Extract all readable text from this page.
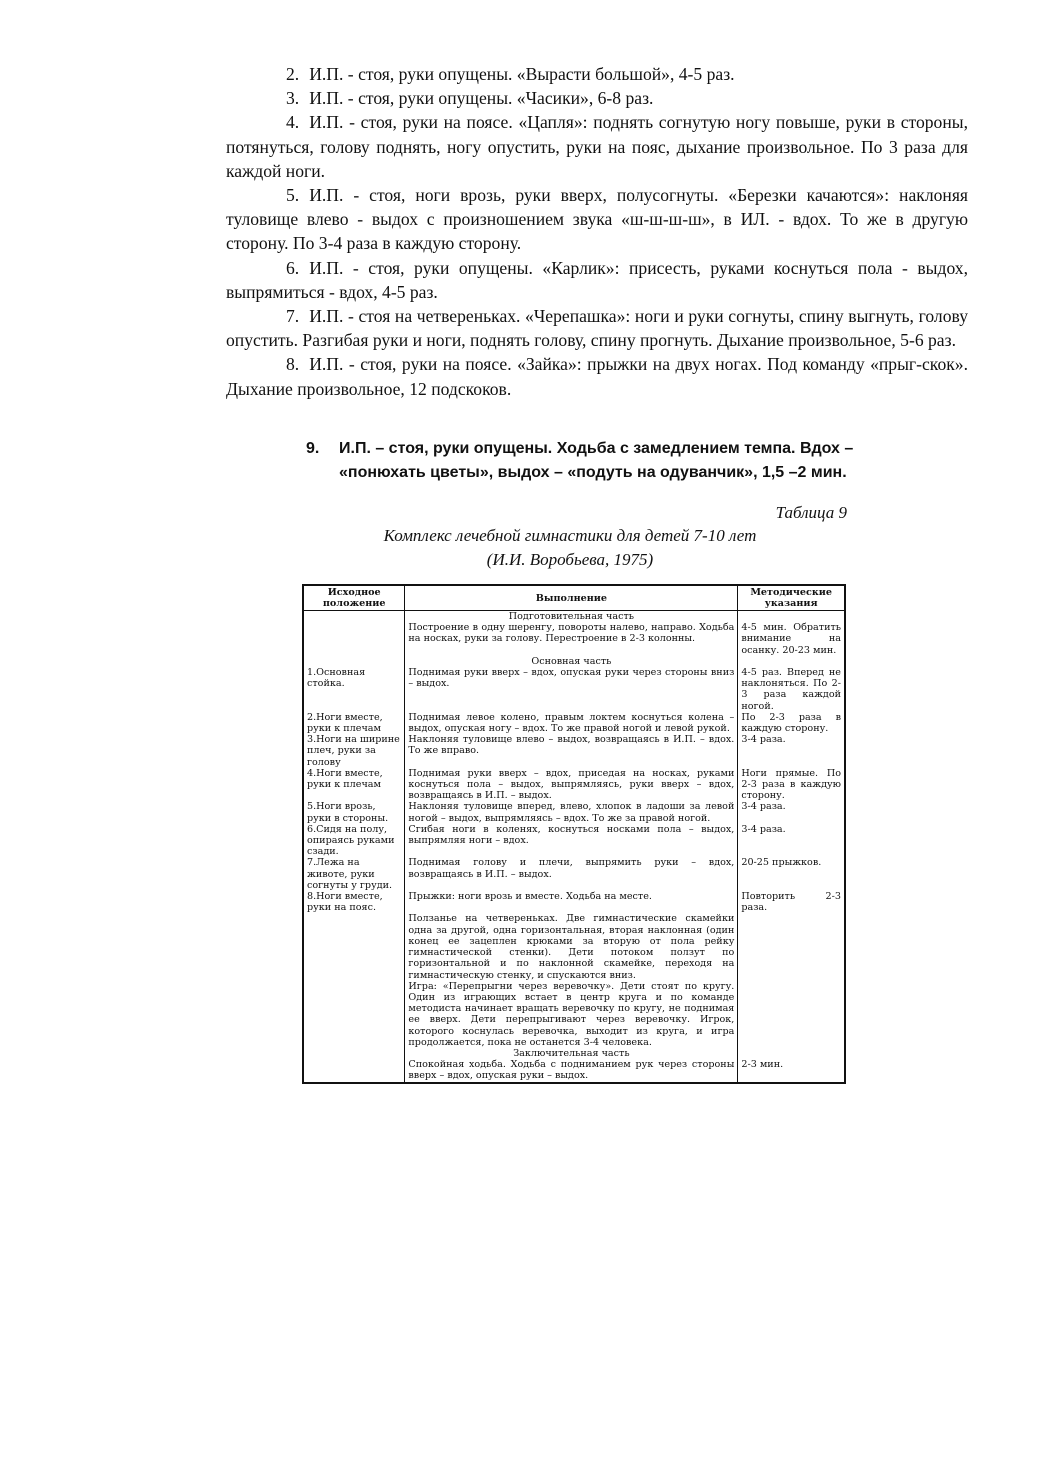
2. И.П. - стоя, руки опущены. «Вырасти большой», 4-5 раз.

3. И.П. - стоя, руки опущены. «Часики», 6-8 раз.

4. И.П. - стоя, руки на поясе. «Цапля»: поднять согнутую ногу повыше, руки в стороны, потянуться, голову поднять, ногу опустить, руки на пояс, дыхание произвольное. По 3 раза для каждой ноги.

5. И.П. - стоя, ноги врозь, руки вверх, полусогнуты. «Березки качаются»: наклоняя туловище влево - выдох с произношением звука «ш-ш-ш-ш», в ИЛ. - вдох. То же в другую сторону. По 3-4 раза в каждую сторону.

6. И.П. - стоя, руки опущены. «Карлик»: присесть, руками коснуться пола - выдох, выпрямиться - вдох, 4-5 раз.

7. И.П. - стоя на четвереньках. «Черепашка»: ноги и руки согнуты, спину выгнуть, голову опустить. Разгибая руки и ноги, поднять голову, спину прогнуть. Дыхание произвольное, 5-6 раз.

8. И.П. - стоя, руки на поясе. «Зайка»: прыжки на двух ногах. Под команду «прыг-скок». Дыхание произвольное, 12 подскоков.

9. И.П. – стоя, руки опущены. Ходьба с замедлением темпа. Вдох –
«понюхать цветы», выдох – «подуть на одуванчик», 1,5 –2 мин.
Таблица 9
Комплекс лечебной гимнастики для детей 7-10 лет
(И.И. Воробьева, 1975)
Исходное положение	Выполнение	Методические указания
	Подготовительная часть	
	Построение в одну шеренгу, повороты налево, направо. Ходьба на носках, руки за голову. Перестроение в 2-3 колонны.	4-5 мин. Обратить внимание на осанку. 20-23 мин.
	Основная часть	
1.Основная стойка.	Поднимая руки вверх – вдох, опуская руки через стороны вниз – выдох.	4-5 раз. Вперед не наклоняться. По 2-3 раза каждой ногой.
2.Ноги вместе, руки к плечам	Поднимая левое колено, правым локтем коснуться колена – выдох, опуская ногу – вдох. То же правой ногой и левой рукой.	По 2-3 раза в каждую сторону.
3.Ноги на ширине плеч, руки за голову	Наклоняя туловище влево – выдох, возвращаясь в И.П. – вдох. То же вправо.	3-4 раза.
4.Ноги вместе, руки к плечам	Поднимая руки вверх – вдох, приседая на носках, руками коснуться пола – выдох, выпрямляясь, руки вверх – вдох, возвращаясь в И.П. – выдох.	Ноги прямые. По 2-3 раза в каждую сторону.
5.Ноги врозь, руки в стороны.	Наклоняя туловище вперед, влево, хлопок в ладоши за левой ногой – выдох, выпрямляясь – вдох. То же за правой ногой.	3-4 раза.
6.Сидя на полу, опираясь руками сзади.	Сгибая ноги в коленях, коснуться носками пола – выдох, выпрямляя ноги – вдох.	3-4 раза.
7.Лежа на животе, руки согнуты у груди.	Поднимая голову и плечи, выпрямить руки – вдох, возвращаясь в И.П. – выдох.	20-25 прыжков.
8.Ноги вместе, руки на пояс.	Прыжки: ноги врозь и вместе. Ходьба на месте.	Повторить 2-3 раза.
	Ползанье на четвереньках. Две гимнастические скамейки одна за другой, одна горизонтальная, вторая наклонная (один конец ее зацеплен крюками за вторую от пола рейку гимнастической стенки). Дети потоком ползут по горизонтальной и по наклонной скамейке, переходя на гимнастическую стенку, и спускаются вниз.	
	Игра: «Перепрыгни через веревочку». Дети стоят по кругу. Один из играющих встает в центр круга и по команде методиста начинает вращать веревочку по кругу, не поднимая ее вверх. Дети перепрыгивают через веревочку. Игрок, которого коснулась веревочка, выходит из круга, и игра продолжается, пока не останется 3-4 человека.	
	Заключительная часть	
	Спокойная ходьба. Ходьба с подниманием рук через стороны вверх – вдох, опуская руки – выдох.	2-3 мин.
